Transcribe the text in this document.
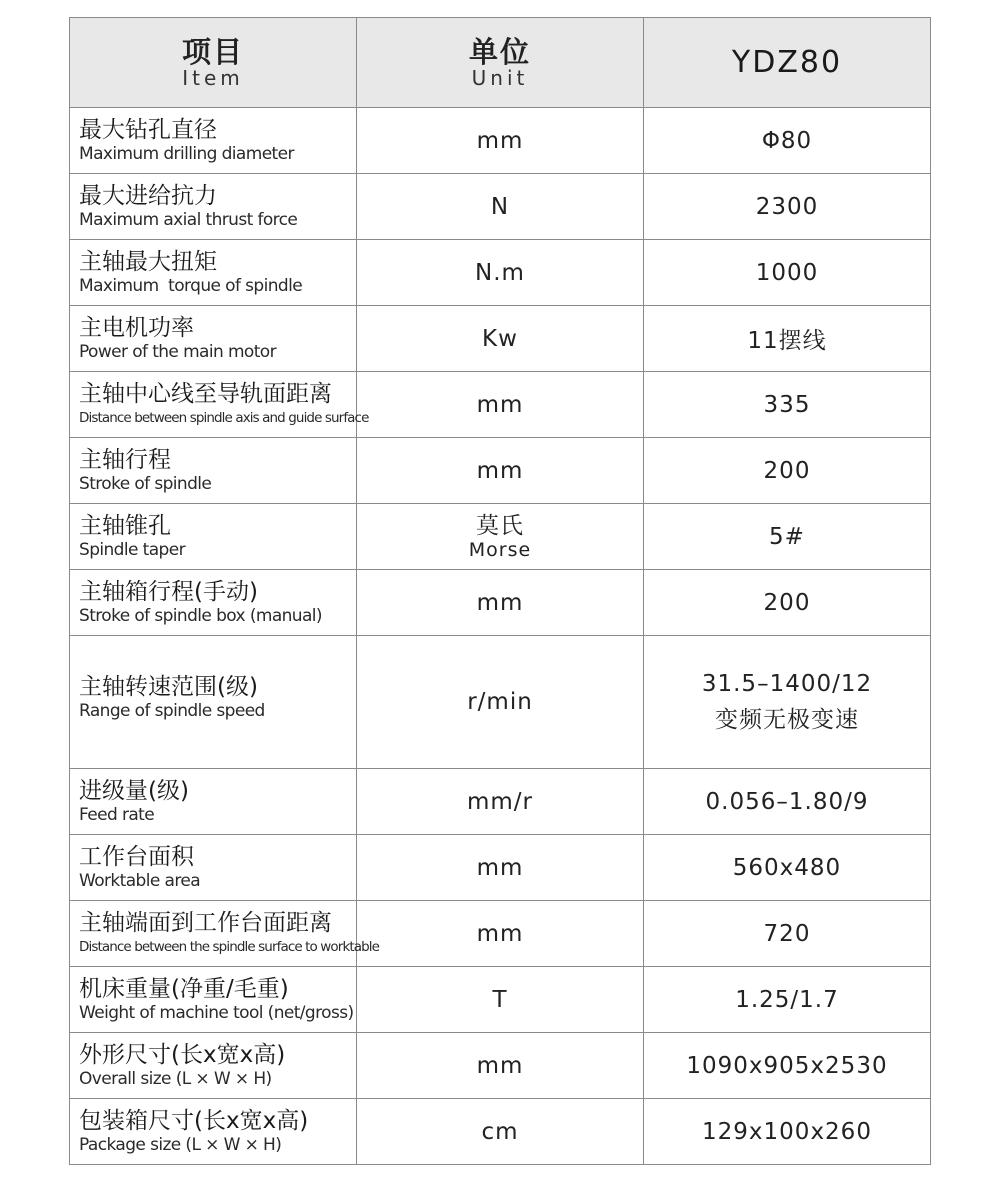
项目
Item	单位
Unit	YDZ80

最大钻孔直径
Maximum drilling diameter	mm	Φ80

最大进给抗力
Maximum axial thrust force	N	2300

主轴最大扭矩
Maximum  torque of spindle	N.m	1000

主电机功率
Power of the main motor	Kw	11摆线

主轴中心线至导轨面距离
Distance between spindle axis and guide surface	mm	335

主轴行程
Stroke of spindle	mm	200

主轴锥孔
Spindle taper	莫氏
Morse	5#

主轴箱行程(手动)
Stroke of spindle box (manual)	mm	200

主轴转速范围(级)
Range of spindle speed	r/min	31.5–1400/12
变频无极变速

进级量(级)
Feed rate	mm/r	0.056–1.80/9

工作台面积
Worktable area	mm	560x480

主轴端面到工作台面距离
Distance between the spindle surface to worktable	mm	720

机床重量(净重/毛重)
Weight of machine tool (net/gross)	T	1.25/1.7

外形尺寸(长x宽x高)
Overall size (L × W × H)	mm	1090x905x2530

包装箱尺寸(长x宽x高)
Package size (L × W × H)	cm	129x100x260
